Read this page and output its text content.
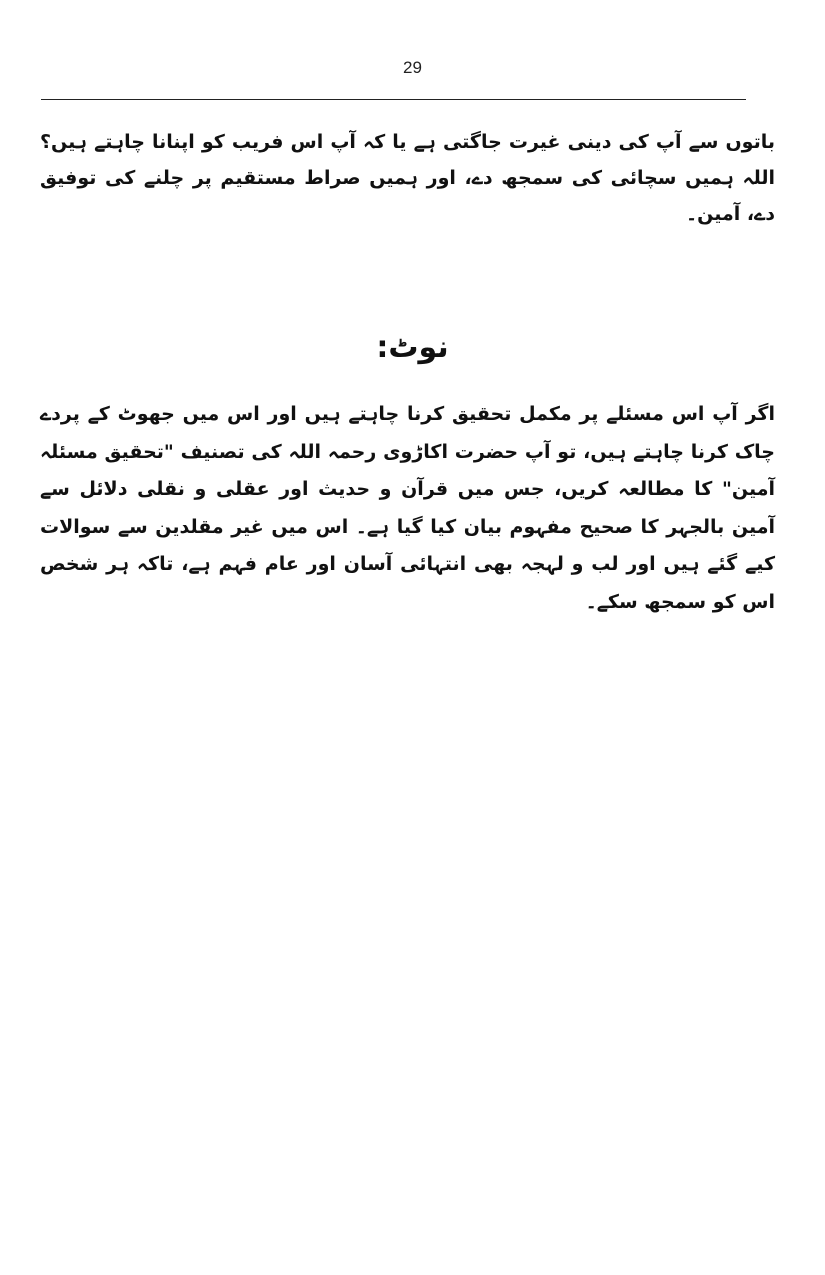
29

باتوں سے آپ کی دینی غیرت جاگتی ہے یا کہ آپ اس فریب کو اپنانا چاہتے ہیں؟ اللہ ہمیں سچائی کی سمجھ دے، اور ہمیں صراط مستقیم پر چلنے کی توفیق دے، آمین۔

نوٹ:

اگر آپ اس مسئلے پر مکمل تحقیق کرنا چاہتے ہیں اور اس میں جھوٹ کے پردے چاک کرنا چاہتے ہیں، تو آپ حضرت اکاڑوی رحمہ اللہ کی تصنیف "تحقیق مسئلہ آمین" کا مطالعہ کریں، جس میں قرآن و حدیث اور عقلی و نقلی دلائل سے آمین بالجہر کا صحیح مفہوم بیان کیا گیا ہے۔ اس میں غیر مقلدین سے سوالات کیے گئے ہیں اور لب و لہجہ بھی انتہائی آسان اور عام فہم ہے، تاکہ ہر شخص اس کو سمجھ سکے۔
